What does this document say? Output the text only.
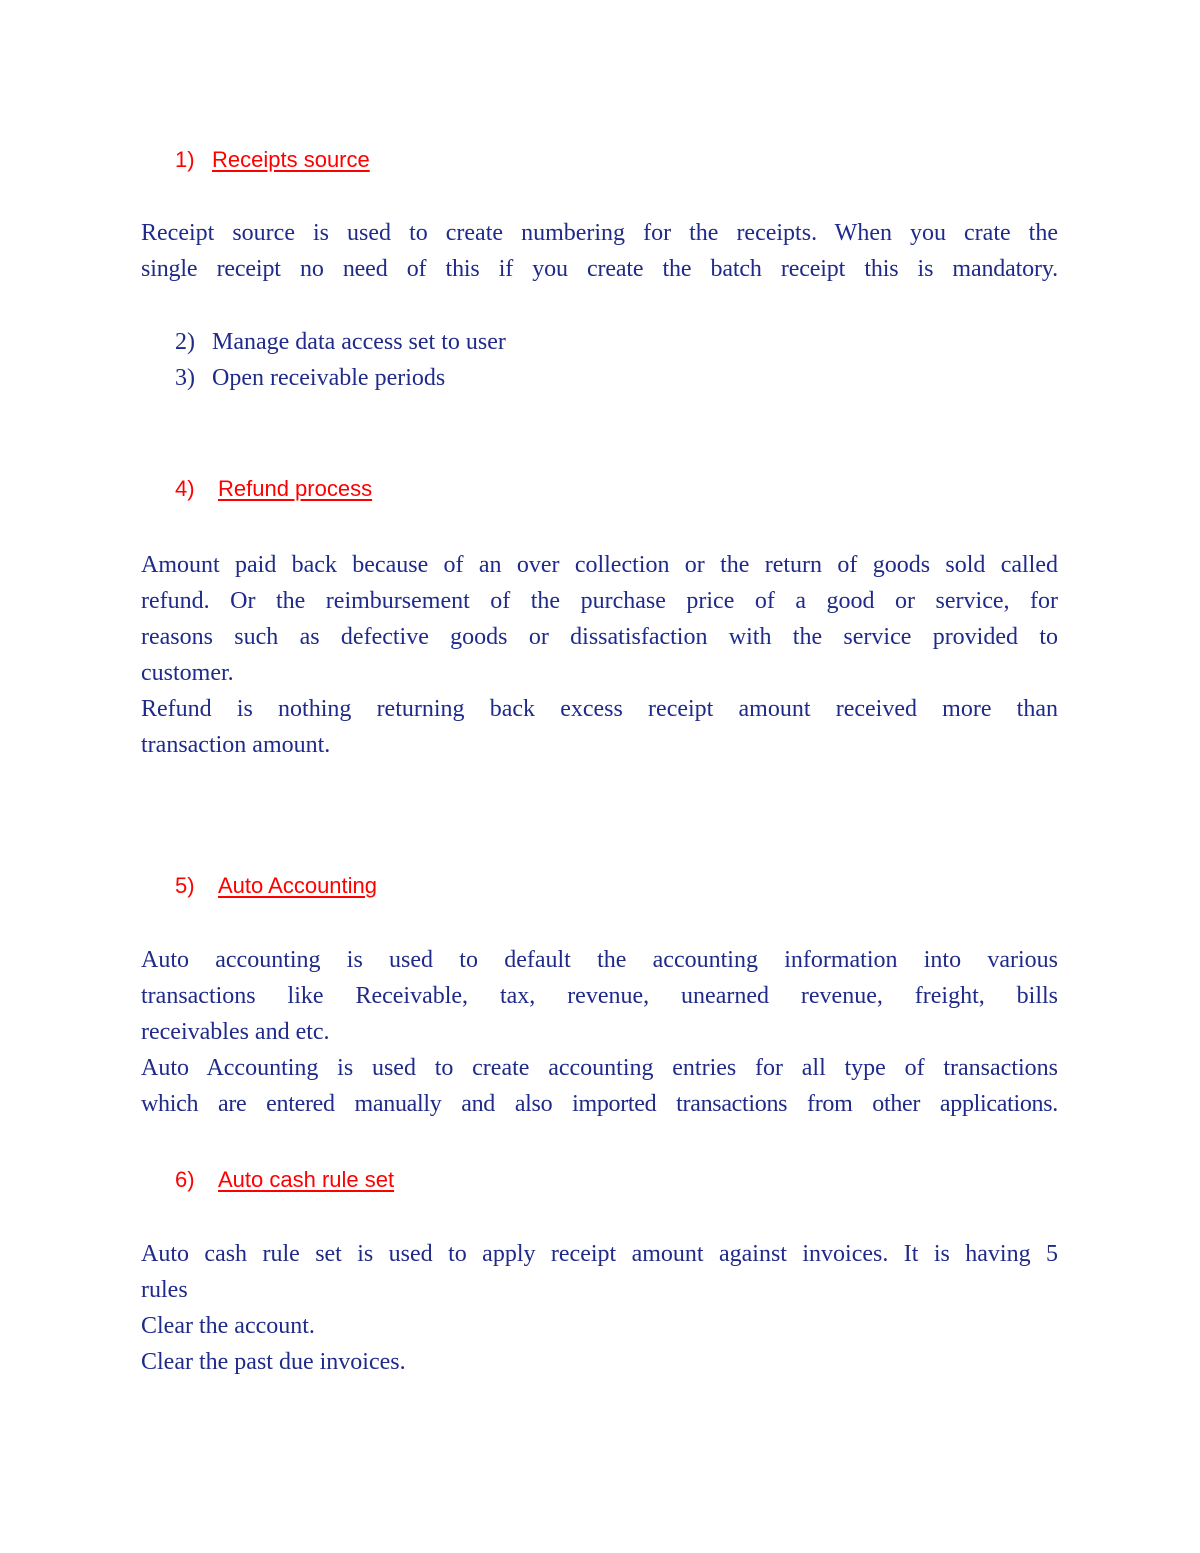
1) Receipts source
Receipt source is used to create numbering for the receipts. When you crate the
single receipt no need of this if you create the batch receipt this is mandatory.
2) Manage data access set to user
3) Open receivable periods
4) Refund process
Amount paid back because of an over collection or the return of goods sold called
refund. Or the reimbursement of the purchase price of a good or service, for
reasons such as defective goods or dissatisfaction with the service provided to
customer.
Refund is nothing returning back excess receipt amount received more than
transaction amount.
5) Auto Accounting
Auto accounting is used to default the accounting information into various
transactions like Receivable, tax, revenue, unearned revenue, freight, bills
receivables and etc.
Auto Accounting is used to create accounting entries for all type of transactions
which are entered manually and also imported transactions from other applications.
6) Auto cash rule set
Auto cash rule set is used to apply receipt amount against invoices. It is having 5
rules
Clear the account.
Clear the past due invoices.
